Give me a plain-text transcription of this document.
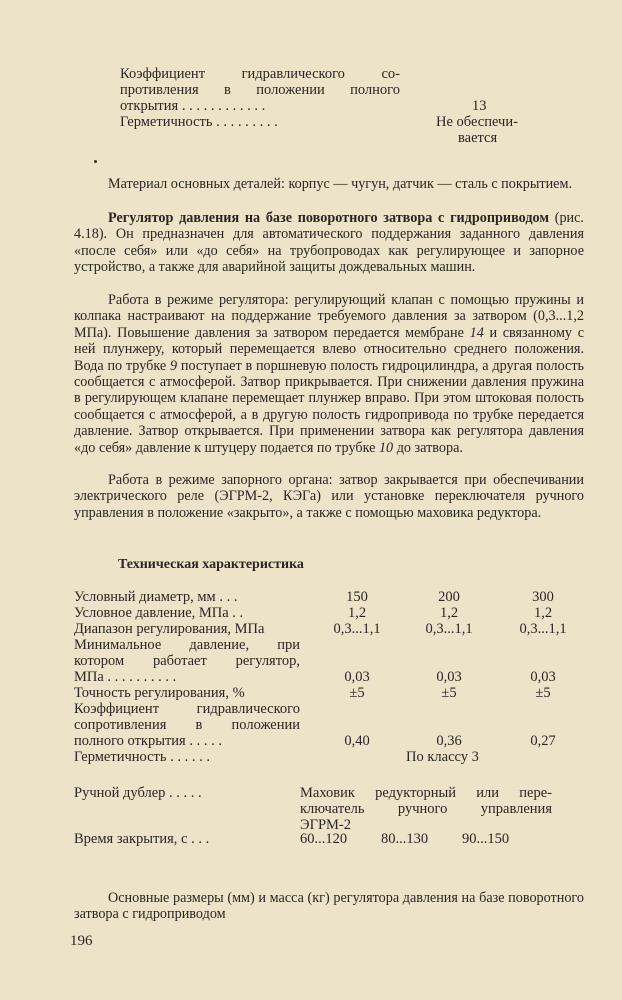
Коэффициент гидравлического со-
противления в положении полного
открытия . . . . . . . . . . . .	13
Герметичность . . . . . . . . .	Не обеспечи-
вается
Материал основных деталей: корпус — чугун, датчик — сталь с покрытием.
Регулятор давления на базе поворотного затвора с гидроприводом (рис. 4.18). Он предназначен для автоматического поддержания заданного давления «после себя» или «до себя» на трубопроводах как регулирующее и запорное устройство, а также для аварийной защиты дождевальных машин.
Работа в режиме регулятора: регулирующий клапан с помощью пружины и колпака настраивают на поддержание требуемого давления за затвором (0,3...1,2 МПа). Повышение давления за затвором передается мембране 14 и связанному с ней плунжеру, который перемещается влево относительно среднего положения. Вода по трубке 9 поступает в поршневую полость гидроцилиндра, а другая полость сообщается с атмосферой. Затвор прикрывается. При снижении давления пружина в регулирующем клапане перемещает плунжер вправо. При этом штоковая полость сообщается с атмосферой, а в другую полость гидропривода по трубке передается давление. Затвор открывается. При применении затвора как регулятора давления «до себя» давление к штуцеру подается по трубке 10 до затвора.
Работа в режиме запорного органа: затвор закрывается при обеспечивании электрического реле (ЭГРМ-2, КЭГа) или установке переключателя ручного управления в положение «закрыто», а также с помощью маховика редуктора.
Техническая характеристика
Условный диаметр, мм . . .	150	200	300
Условное давление, МПа . .	1,2	1,2	1,2
Диапазон регулирования, МПа	0,3...1,1	0,3...1,1	0,3...1,1
Минимальное давление, при
котором работает регулятор,
МПа . . . . . . . . . .	0,03	0,03	0,03
Точность регулирования, %	±5	±5	±5
Коэффициент гидравлического
сопротивления в положении
полного открытия . . . . .	0,40	0,36	0,27
Герметичность . . . . . .	По классу 3
Ручной дублер . . . . .	Маховик редукторный или пере-
ключатель ручного управления
ЭГРМ-2
Время закрытия, с . . .	60...120 80...130 90...150
Основные размеры (мм) и масса (кг) регулятора давления на базе поворотного затвора с гидроприводом
196
